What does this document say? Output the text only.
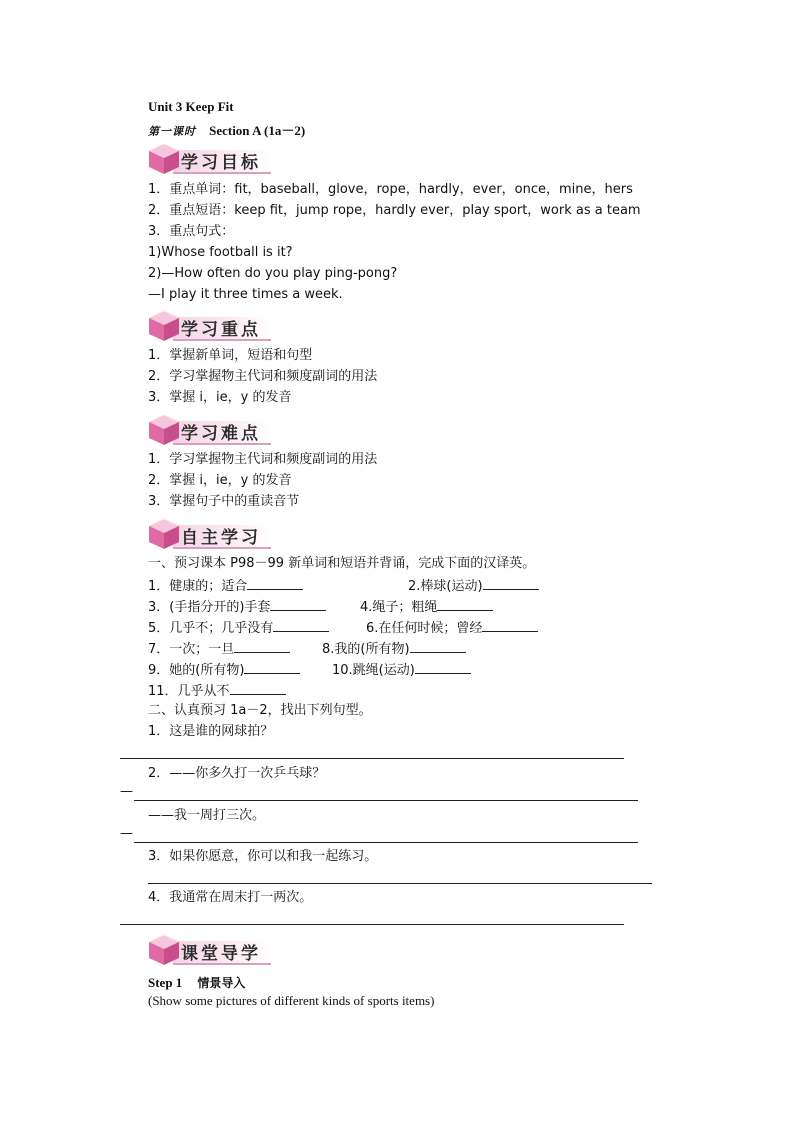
Unit 3 Keep Fit
第一课时 Section A (1a－2)
学习目标
1．重点单词：fit，baseball，glove，rope，hardly，ever，once，mine，hers
2．重点短语：keep fit，jump rope，hardly ever，play sport，work as a team
3．重点句式：
1)Whose football is it?
2)—How often do you play ping-pong?
—I play it three times a week.
学习重点
1．掌握新单词，短语和句型
2．学习掌握物主代词和频度副词的用法
3．掌握 i，ie，y 的发音
学习难点
1．学习掌握物主代词和频度副词的用法
2．掌握 i，ie，y 的发音
3．掌握句子中的重读音节
自主学习
一、预习课本 P98－99 新单词和短语并背诵，完成下面的汉译英。
1．健康的；适合	2.棒球(运动)
3．(手指分开的)手套	4.绳子；粗绳
5．几乎不；几乎没有	6.在任何时候；曾经
7．一次；一旦	8.我的(所有物)
9．她的(所有物)	10.跳绳(运动)
11．几乎从不
二、认真预习 1a－2，找出下列句型。
1．这是谁的网球拍？
2．——你多久打一次乒乓球？
—
——我一周打三次。
—
3．如果你愿意，你可以和我一起练习。
4．我通常在周末打一两次。
课堂导学
Step 1 情景导入
(Show some pictures of different kinds of sports items)
